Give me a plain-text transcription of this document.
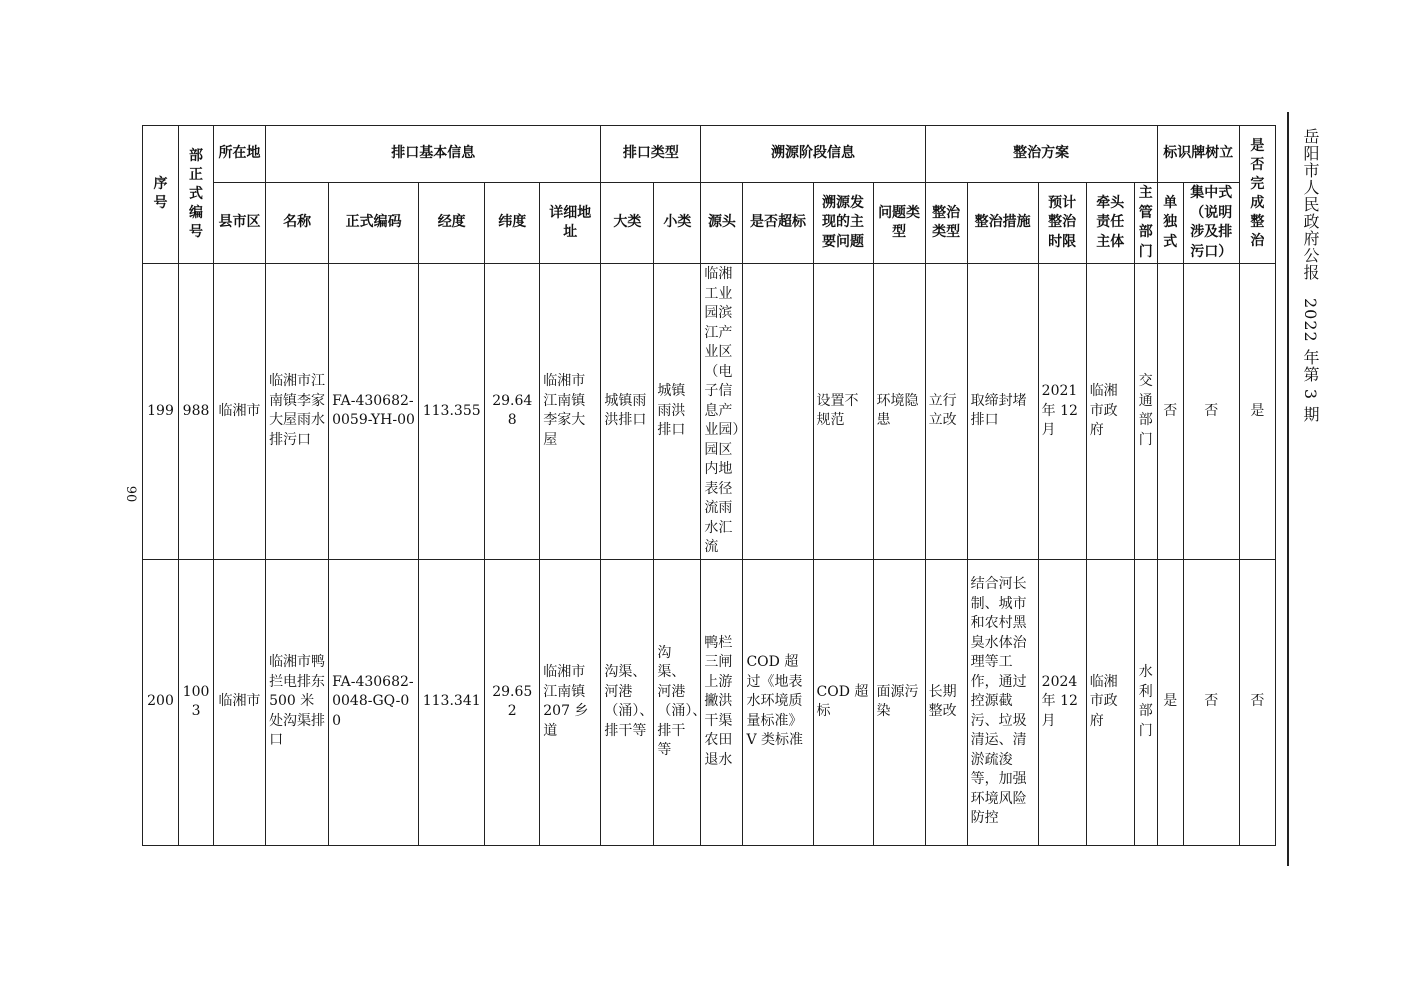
90
岳阳市人民政府公报　2022 年第 3 期
序号	部正式编号	所在地	排口基本信息					排口类型		溯源阶段信息				整治方案					标识牌树立		是否完成整治
		县市区	名称	正式编码	经度	纬度	详细地址	大类	小类	源头	是否超标	溯源发现的主要问题	问题类型	整治类型	整治措施	预计整治时限	牵头责任主体	主管部门	单独式	集中式（说明涉及排污口）	
199	988	临湘市	临湘市江南镇李家大屋雨水排污口	FA-430682-0059-YH-00	113.355	29.648	临湘市江南镇李家大屋	城镇雨洪排口	城镇雨洪排口	临湘工业园滨江产业区（电子信息产业园）园区内地表径流雨水汇流		设置不规范	环境隐患	立行立改	取缔封堵排口	2021 年 12 月	临湘市政府	交通部门	否	否	是
200	1003	临湘市	临湘市鸭拦电排东 500 米处沟渠排口	FA-430682-0048-GQ-00	113.341	29.652	临湘市江南镇 207 乡道	沟渠、河港（涌）、排干等	沟渠、河港（涌）、排干等	鸭栏三闸上游撇洪干渠农田退水	COD 超过《地表水环境质量标准》V 类标准	COD 超标	面源污染	长期整改	结合河长制、城市和农村黑臭水体治理等工作，通过控源截污、垃圾清运、清淤疏浚等，加强环境风险防控	2024 年 12 月	临湘市政府	水利部门	是	否	否
